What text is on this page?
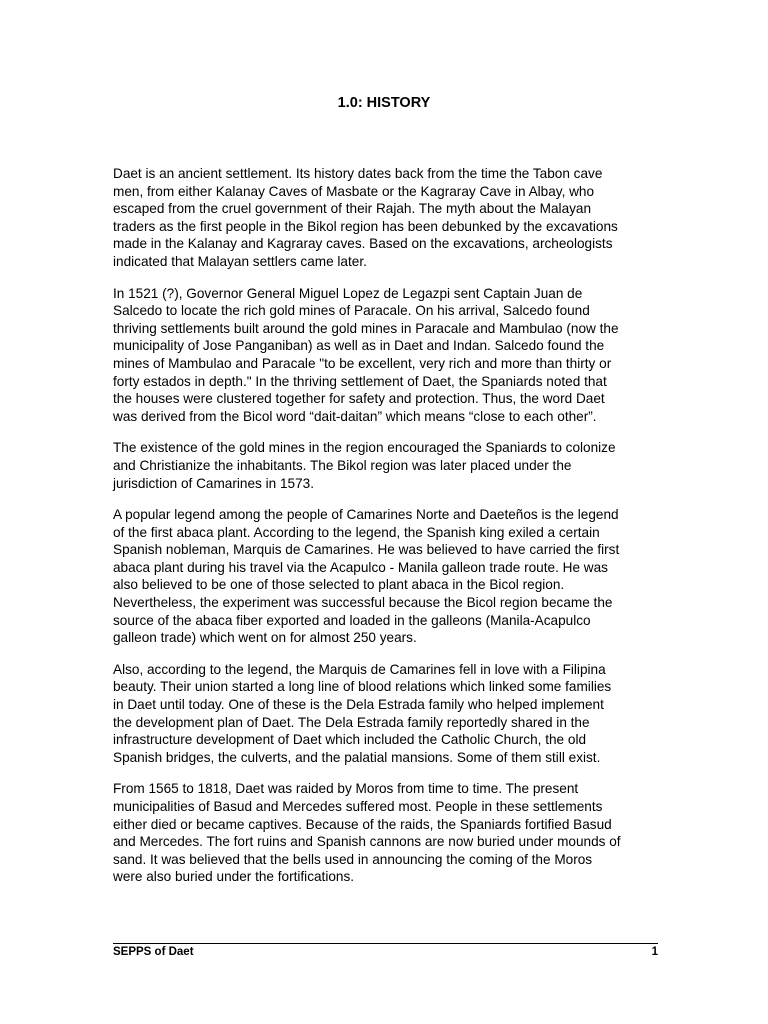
1.0: HISTORY

Daet is an ancient settlement. Its history dates back from the time the Tabon cave
men, from either Kalanay Caves of Masbate or the Kagraray Cave in Albay, who
escaped from the cruel government of their Rajah. The myth about the Malayan
traders as the first people in the Bikol region has been debunked by the excavations
made in the Kalanay and Kagraray caves. Based on the excavations, archeologists
indicated that Malayan settlers came later.

In 1521 (?), Governor General Miguel Lopez de Legazpi sent Captain Juan de
Salcedo to locate the rich gold mines of Paracale. On his arrival, Salcedo found
thriving settlements built around the gold mines in Paracale and Mambulao (now the
municipality of Jose Panganiban) as well as in Daet and Indan. Salcedo found the
mines of Mambulao and Paracale "to be excellent, very rich and more than thirty or
forty estados in depth." In the thriving settlement of Daet, the Spaniards noted that
the houses were clustered together for safety and protection. Thus, the word Daet
was derived from the Bicol word “dait-daitan” which means “close to each other”.

The existence of the gold mines in the region encouraged the Spaniards to colonize
and Christianize the inhabitants. The Bikol region was later placed under the
jurisdiction of Camarines in 1573.

A popular legend among the people of Camarines Norte and Daeteños is the legend
of the first abaca plant. According to the legend, the Spanish king exiled a certain
Spanish nobleman, Marquis de Camarines. He was believed to have carried the first
abaca plant during his travel via the Acapulco - Manila galleon trade route. He was
also believed to be one of those selected to plant abaca in the Bicol region.
Nevertheless, the experiment was successful because the Bicol region became the
source of the abaca fiber exported and loaded in the galleons (Manila-Acapulco
galleon trade) which went on for almost 250 years.

Also, according to the legend, the Marquis de Camarines fell in love with a Filipina
beauty. Their union started a long line of blood relations which linked some families
in Daet until today. One of these is the Dela Estrada family who helped implement
the development plan of Daet. The Dela Estrada family reportedly shared in the
infrastructure development of Daet which included the Catholic Church, the old
Spanish bridges, the culverts, and the palatial mansions. Some of them still exist.

From 1565 to 1818, Daet was raided by Moros from time to time. The present
municipalities of Basud and Mercedes suffered most. People in these settlements
either died or became captives. Because of the raids, the Spaniards fortified Basud
and Mercedes. The fort ruins and Spanish cannons are now buried under mounds of
sand. It was believed that the bells used in announcing the coming of the Moros
were also buried under the fortifications.

SEPPS of Daet	1
